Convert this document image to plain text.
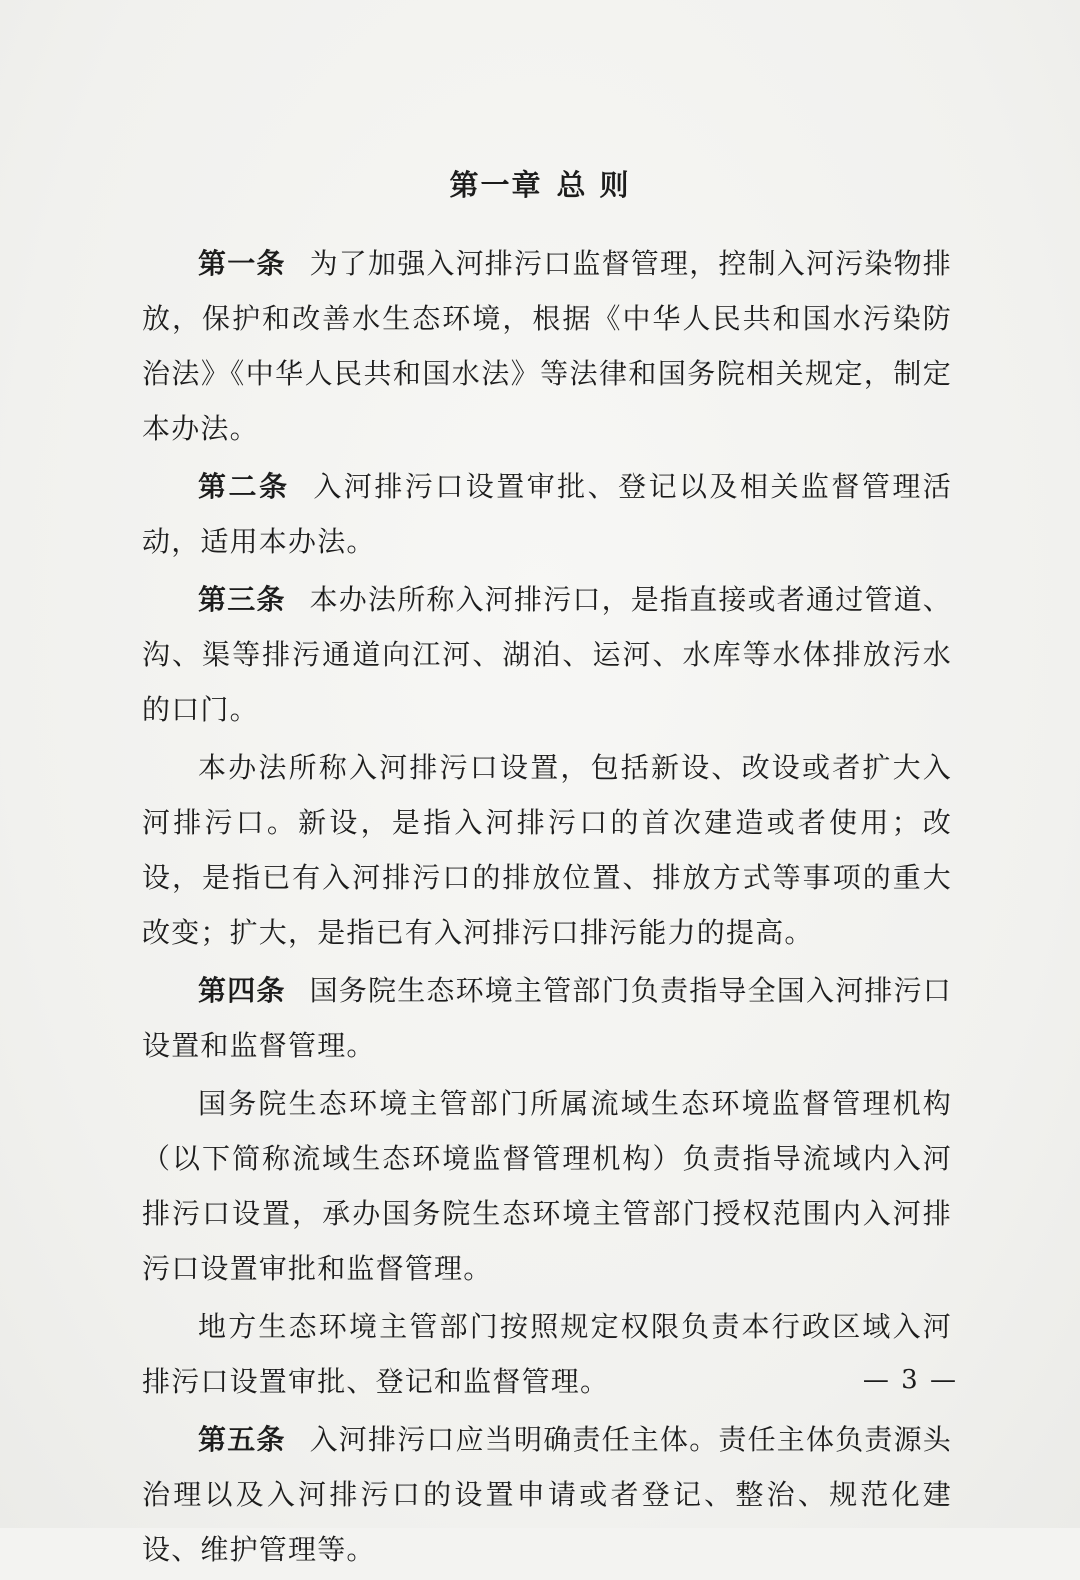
第一章 总 则

第一条 为了加强入河排污口监督管理，控制入河污染物排放，保护和改善水生态环境，根据《中华人民共和国水污染防治法》《中华人民共和国水法》等法律和国务院相关规定，制定本办法。

第二条 入河排污口设置审批、登记以及相关监督管理活动，适用本办法。

第三条 本办法所称入河排污口，是指直接或者通过管道、沟、渠等排污通道向江河、湖泊、运河、水库等水体排放污水的口门。

本办法所称入河排污口设置，包括新设、改设或者扩大入河排污口。新设，是指入河排污口的首次建造或者使用；改设，是指已有入河排污口的排放位置、排放方式等事项的重大改变；扩大，是指已有入河排污口排污能力的提高。

第四条 国务院生态环境主管部门负责指导全国入河排污口设置和监督管理。

国务院生态环境主管部门所属流域生态环境监督管理机构（以下简称流域生态环境监督管理机构）负责指导流域内入河排污口设置，承办国务院生态环境主管部门授权范围内入河排污口设置审批和监督管理。

地方生态环境主管部门按照规定权限负责本行政区域入河排污口设置审批、登记和监督管理。

第五条 入河排污口应当明确责任主体。责任主体负责源头治理以及入河排污口的设置申请或者登记、整治、规范化建设、维护管理等。

— 3 —
